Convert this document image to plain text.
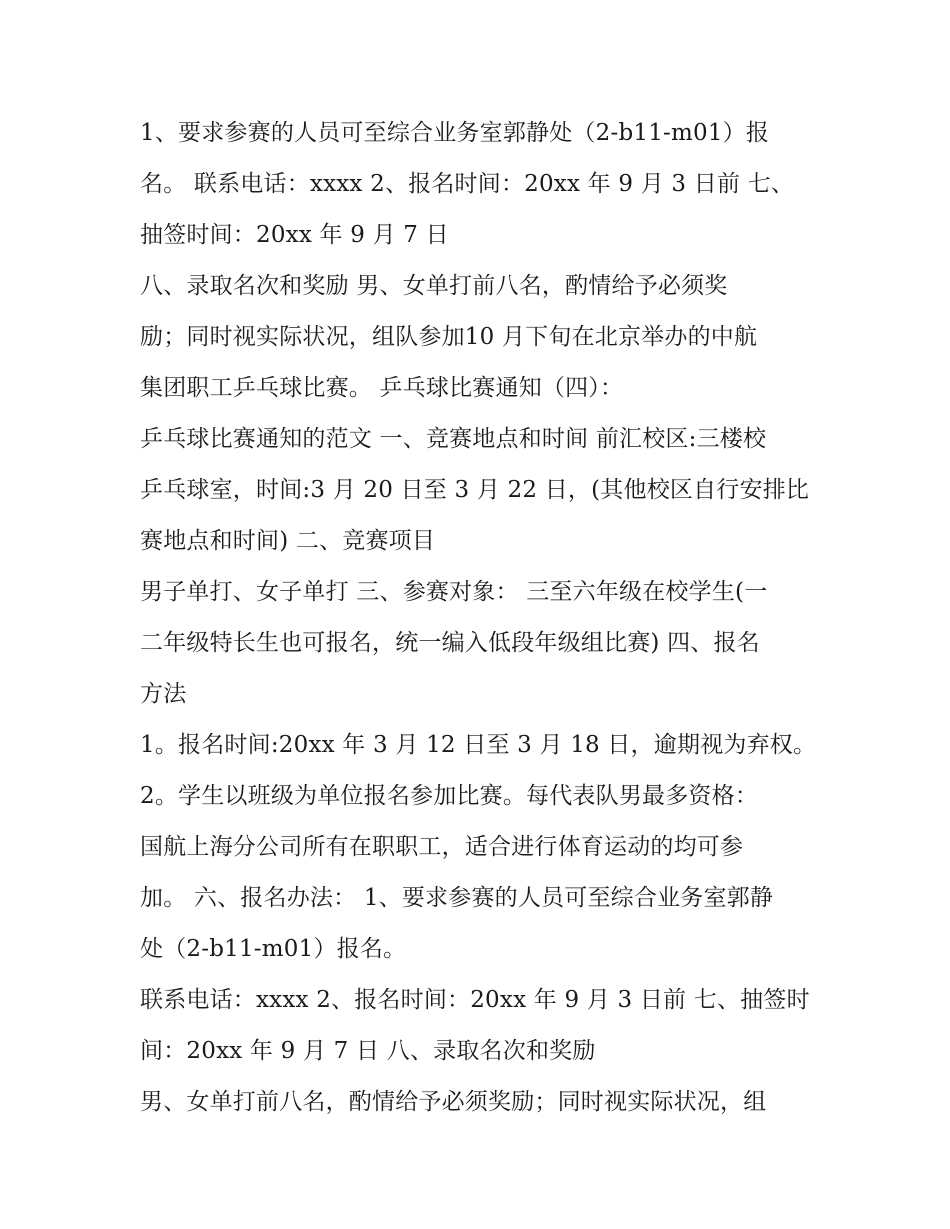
1、要求参赛的人员可至综合业务室郭静处（2-b11-m01）报
名。 联系电话：xxxx 2、报名时间：20xx 年 9 月 3 日前 七、
抽签时间：20xx 年 9 月 7 日
八、录取名次和奖励 男、女单打前八名，酌情给予必须奖
励；同时视实际状况，组队参加10 月下旬在北京举办的中航
集团职工乒乓球比赛。 乒乓球比赛通知（四）：
乒乓球比赛通知的范文 一、竞赛地点和时间 前汇校区:三楼校
乒乓球室，时间:3 月 20 日至 3 月 22 日，(其他校区自行安排比
赛地点和时间) 二、竞赛项目
男子单打、女子单打 三、参赛对象： 三至六年级在校学生(一
二年级特长生也可报名，统一编入低段年级组比赛) 四、报名
方法
1。报名时间:20xx 年 3 月 12 日至 3 月 18 日，逾期视为弃权。
2。学生以班级为单位报名参加比赛。每代表队男最多资格：
国航上海分公司所有在职职工，适合进行体育运动的均可参
加。 六、报名办法： 1、要求参赛的人员可至综合业务室郭静
处（2-b11-m01）报名。
联系电话：xxxx 2、报名时间：20xx 年 9 月 3 日前 七、抽签时
间：20xx 年 9 月 7 日 八、录取名次和奖励
男、女单打前八名，酌情给予必须奖励；同时视实际状况，组
